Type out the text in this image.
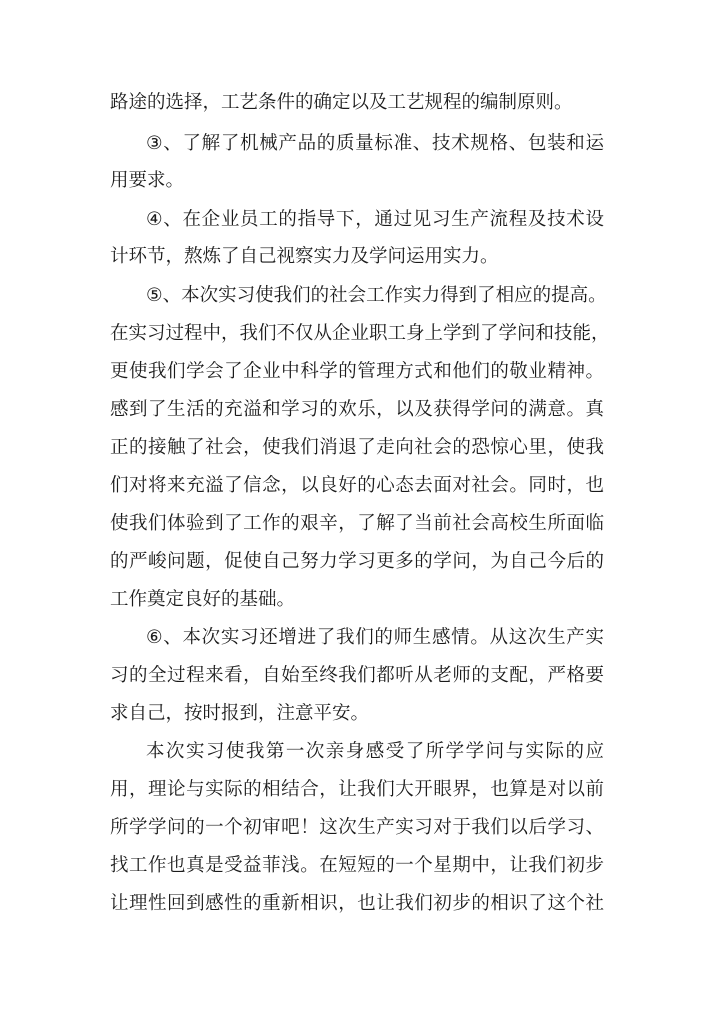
路途的选择，工艺条件的确定以及工艺规程的编制原则。
③、了解了机械产品的质量标准、技术规格、包装和运
用要求。
④、在企业员工的指导下，通过见习生产流程及技术设
计环节，熬炼了自己视察实力及学问运用实力。
⑤、本次实习使我们的社会工作实力得到了相应的提高。
在实习过程中，我们不仅从企业职工身上学到了学问和技能，
更使我们学会了企业中科学的管理方式和他们的敬业精神。
感到了生活的充溢和学习的欢乐，以及获得学问的满意。真
正的接触了社会，使我们消退了走向社会的恐惊心里，使我
们对将来充溢了信念，以良好的心态去面对社会。同时，也
使我们体验到了工作的艰辛，了解了当前社会高校生所面临
的严峻问题，促使自己努力学习更多的学问，为自己今后的
工作奠定良好的基础。
⑥、本次实习还增进了我们的师生感情。从这次生产实
习的全过程来看，自始至终我们都听从老师的支配，严格要
求自己，按时报到，注意平安。
本次实习使我第一次亲身感受了所学学问与实际的应
用，理论与实际的相结合，让我们大开眼界，也算是对以前
所学学问的一个初审吧！这次生产实习对于我们以后学习、
找工作也真是受益菲浅。在短短的一个星期中，让我们初步
让理性回到感性的重新相识，也让我们初步的相识了这个社
